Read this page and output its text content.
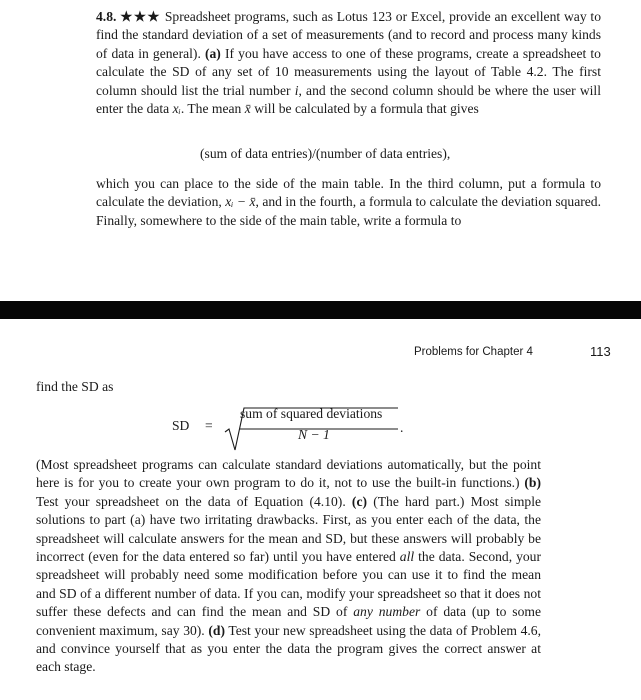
4.8. ★★★ Spreadsheet programs, such as Lotus 123 or Excel, provide an excellent way to find the standard deviation of a set of measurements (and to record and process many kinds of data in general). (a) If you have access to one of these programs, create a spreadsheet to calculate the SD of any set of 10 measurements using the layout of Table 4.2. The first column should list the trial number i, and the second column should be where the user will enter the data xᵢ. The mean x̄ will be calculated by a formula that gives

(sum of data entries)/(number of data entries),

which you can place to the side of the main table. In the third column, put a formula to calculate the deviation, xᵢ − x̄, and in the fourth, a formula to calculate the deviation squared. Finally, somewhere to the side of the main table, write a formula to

Problems for Chapter 4	113

find the SD as

SD =
sum of squared deviations
N − 1	.

(Most spreadsheet programs can calculate standard deviations automatically, but the point here is for you to create your own program to do it, not to use the built-in functions.) (b) Test your spreadsheet on the data of Equation (4.10). (c) (The hard part.) Most simple solutions to part (a) have two irritating drawbacks. First, as you enter each of the data, the spreadsheet will calculate answers for the mean and SD, but these answers will probably be incorrect (even for the data entered so far) until you have entered all the data. Second, your spreadsheet will probably need some modification before you can use it to find the mean and SD of a different number of data. If you can, modify your spreadsheet so that it does not suffer these defects and can find the mean and SD of any number of data (up to some convenient maximum, say 30). (d) Test your new spreadsheet using the data of Problem 4.6, and convince yourself that as you enter the data the program gives the correct answer at each stage.
